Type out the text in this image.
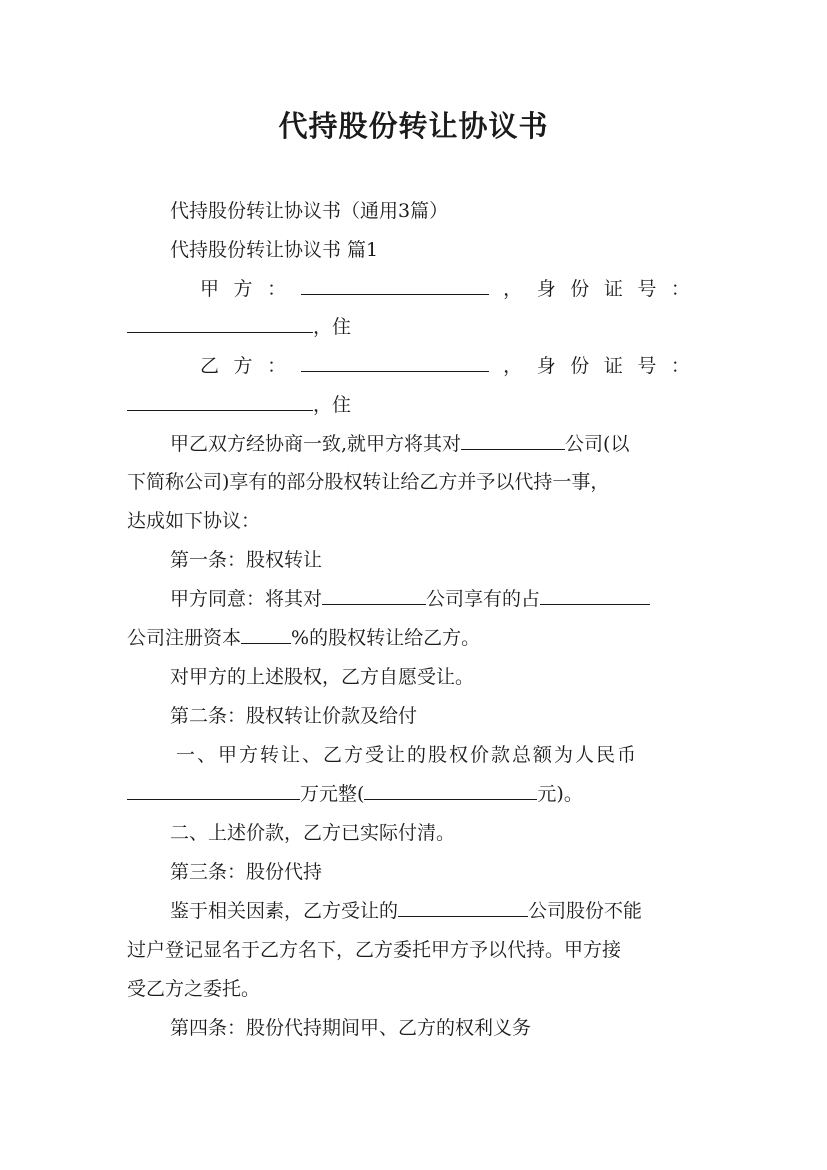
代持股份转让协议书

代持股份转让协议书（通用3篇）

代持股份转让协议书 篇1

甲 方 ：	， 身 份 证 号 ：

，住

乙 方 ：	， 身 份 证 号 ：

，住

甲乙双方经协商一致,就甲方将其对	公司(以

下简称公司)享有的部分股权转让给乙方并予以代持一事，

达成如下协议：

第一条：股权转让

甲方同意：将其对	公司享有的占

公司注册资本	%的股权转让给乙方。

对甲方的上述股权，乙方自愿受让。

第二条：股权转让价款及给付

一、甲方转让、乙方受让的股权价款总额为人民币

万元整(	元)。

二、上述价款，乙方已实际付清。

第三条：股份代持

鉴于相关因素，乙方受让的	公司股份不能

过户登记显名于乙方名下，乙方委托甲方予以代持。甲方接

受乙方之委托。

第四条：股份代持期间甲、乙方的权利义务
